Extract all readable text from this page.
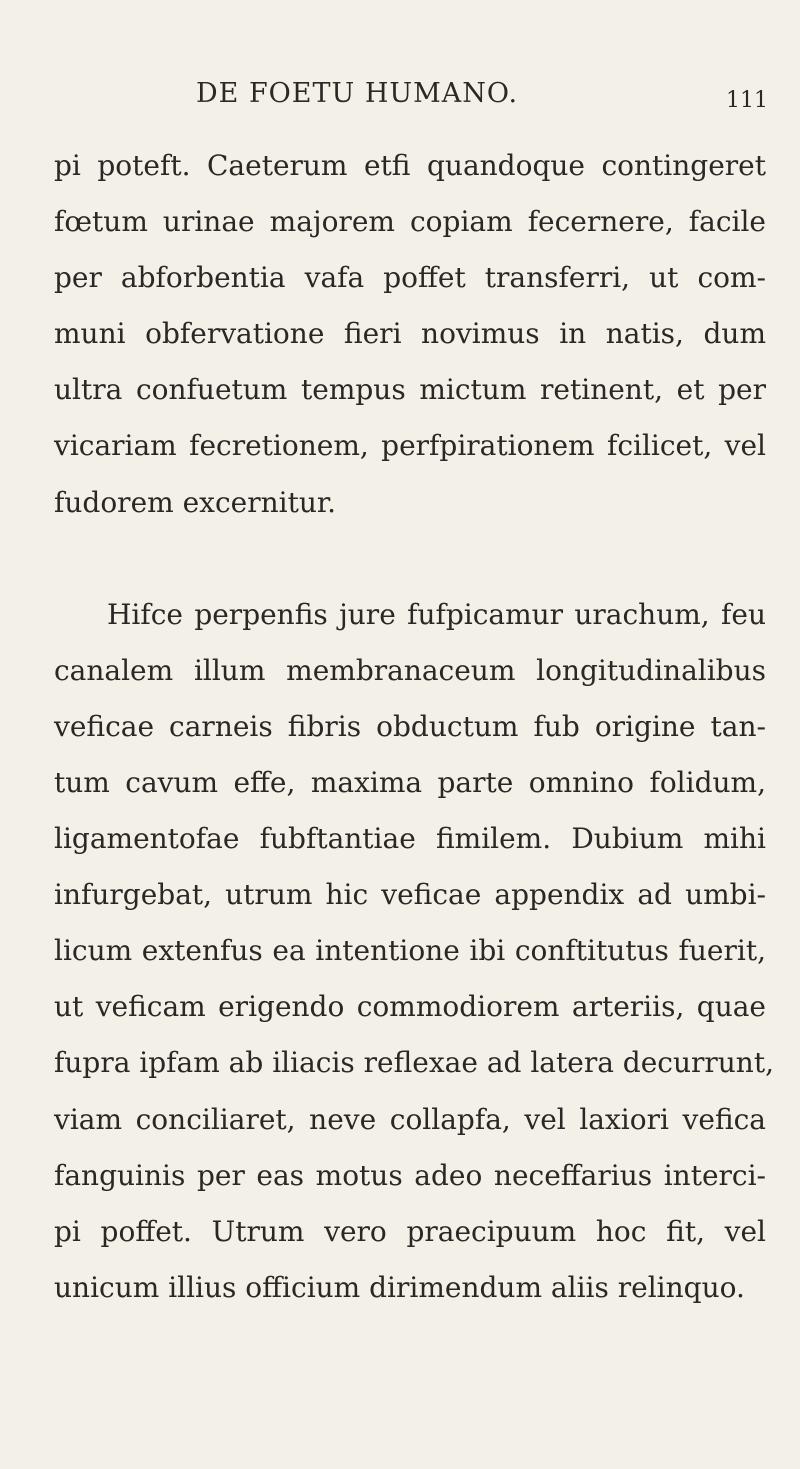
DE FOETU HUMANO.	111
pi poteft. Caeterum etfi quandoque contingeret
fœtum urinae majorem copiam fecernere, facile
per abforbentia vafa poffet transferri, ut com-
muni obfervatione fieri novimus in natis, dum
ultra confuetum tempus mictum retinent, et per
vicariam fecretionem, perfpirationem fcilicet, vel
fudorem excernitur.
Hifce perpenfis jure fufpicamur urachum, feu
canalem illum membranaceum longitudinalibus
veficae carneis fibris obductum fub origine tan-
tum cavum effe, maxima parte omnino folidum,
ligamentofae fubftantiae fimilem. Dubium mihi
infurgebat, utrum hic veficae appendix ad umbi-
licum extenfus ea intentione ibi conftitutus fuerit,
ut veficam erigendo commodiorem arteriis, quae
fupra ipfam ab iliacis reflexae ad latera decurrunt,
viam conciliaret, neve collapfa, vel laxiori vefica
fanguinis per eas motus adeo neceffarius interci-
pi poffet. Utrum vero praecipuum hoc fit, vel
unicum illius officium dirimendum aliis relinquo.
